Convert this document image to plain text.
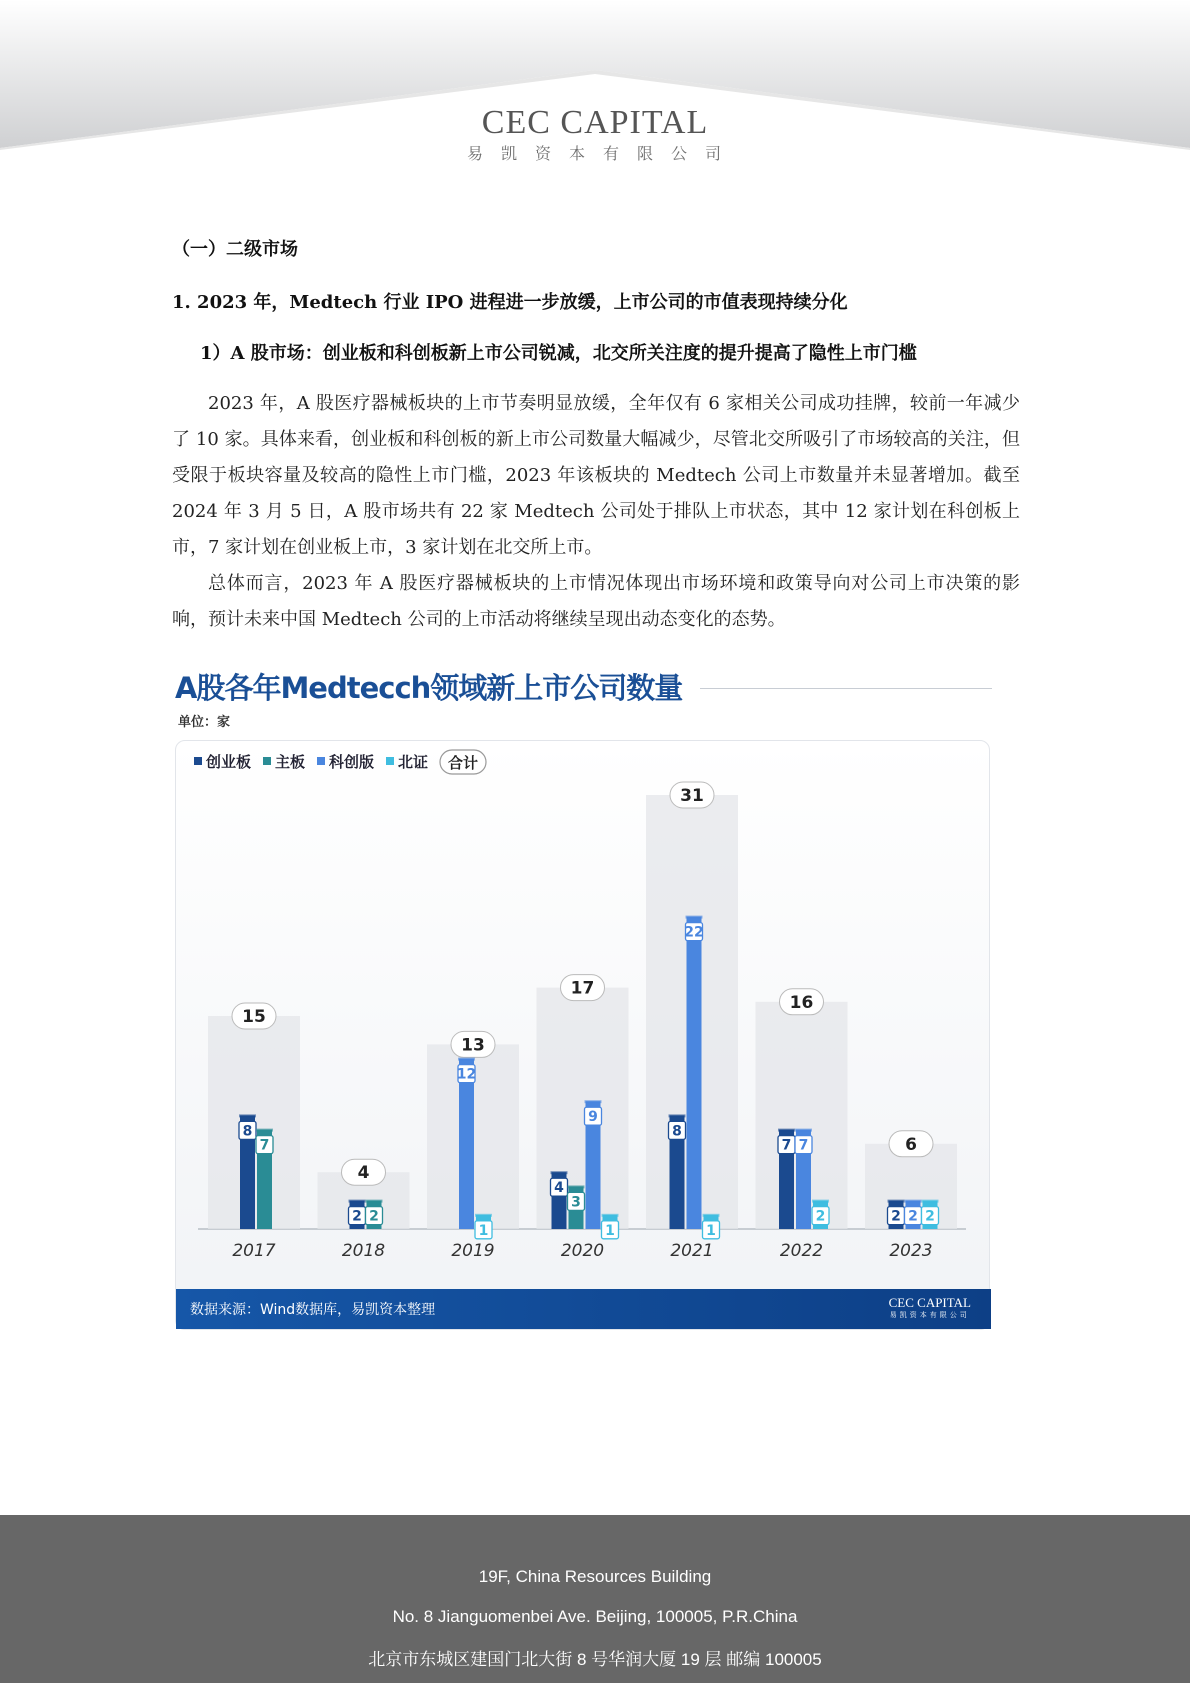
CEC CAPITAL
易凯资本有限公司
（一）二级市场
1. 2023 年，Medtech 行业 IPO 进程进一步放缓，上市公司的市值表现持续分化
1）A 股市场：创业板和科创板新上市公司锐减，北交所关注度的提升提高了隐性上市门槛

2023 年，A 股医疗器械板块的上市节奏明显放缓，全年仅有 6 家相关公司成功挂牌，较前一年减少了 10 家。具体来看，创业板和科创板的新上市公司数量大幅减少，尽管北交所吸引了市场较高的关注，但受限于板块容量及较高的隐性上市门槛，2023 年该板块的 Medtech 公司上市数量并未显著增加。截至 2024 年 3 月 5 日，A 股市场共有 22 家 Medtech 公司处于排队上市状态，其中 12 家计划在科创板上市，7 家计划在创业板上市，3 家计划在北交所上市。

总体而言，2023 年 A 股医疗器械板块的上市情况体现出市场环境和政策导向对公司上市决策的影响，预计未来中国 Medtech 公司的上市活动将继续呈现出动态变化的态势。

A股各年Medtecch领域新上市公司数量
单位：家
创业板 主板 科创版 北证 合计
15
8
7
2017
4
2 2
2018
13
12
1
2019
17
4
3
9
1
2020
31
8
22
1
2021
16
7 7
2
2022
6
2 2 2
2023
数据来源：Wind数据库，易凯资本整理	CEC CAPITAL
易凯资本有限公司
19F, China Resources Building
No. 8 Jianguomenbei Ave. Beijing, 100005, P.R.China
北京市东城区建国门北大街 8 号华润大厦 19 层 邮编 100005
